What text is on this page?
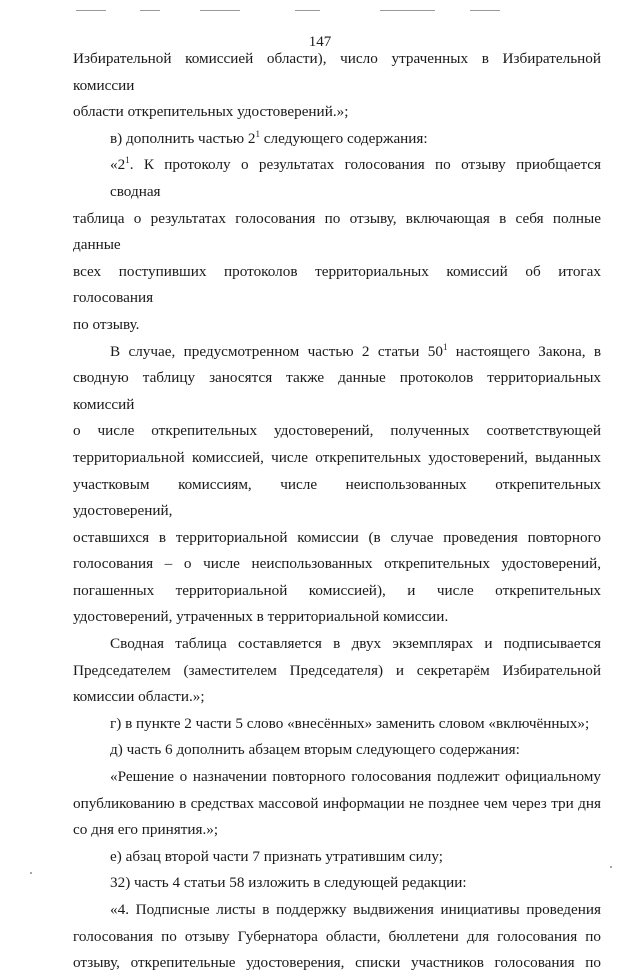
147

Избирательной комиссией области), число утраченных в Избирательной комиссии
области открепительных удостоверений.»;

в) дополнить частью $2^1$ следующего содержания:

«$2^1$. К протоколу о результатах голосования по отзыву приобщается сводная
таблица о результатах голосования по отзыву, включающая в себя полные данные
всех поступивших протоколов территориальных комиссий об итогах голосования
по отзыву.

В случае, предусмотренном частью 2 статьи $50^1$ настоящего Закона, в
сводную таблицу заносятся также данные протоколов территориальных комиссий
о числе открепительных удостоверений, полученных соответствующей
территориальной комиссией, числе открепительных удостоверений, выданных
участковым комиссиям, числе неиспользованных открепительных удостоверений,
оставшихся в территориальной комиссии (в случае проведения повторного
голосования – о числе неиспользованных открепительных удостоверений,
погашенных территориальной комиссией), и числе открепительных
удостоверений, утраченных в территориальной комиссии.

Сводная таблица составляется в двух экземплярах и подписывается
Председателем (заместителем Председателя) и секретарём Избирательной
комиссии области.»;

г) в пункте 2 части 5 слово «внесённых» заменить словом «включённых»;

д) часть 6 дополнить абзацем вторым следующего содержания:

«Решение о назначении повторного голосования подлежит официальному
опубликованию в средствах массовой информации не позднее чем через три дня
со дня его принятия.»;

е) абзац второй части 7 признать утратившим силу;

32) часть 4 статьи 58 изложить в следующей редакции:

«4. Подписные листы в поддержку выдвижения инициативы проведения
голосования по отзыву Губернатора области, бюллетени для голосования по
отзыву, открепительные удостоверения, списки участников голосования по
